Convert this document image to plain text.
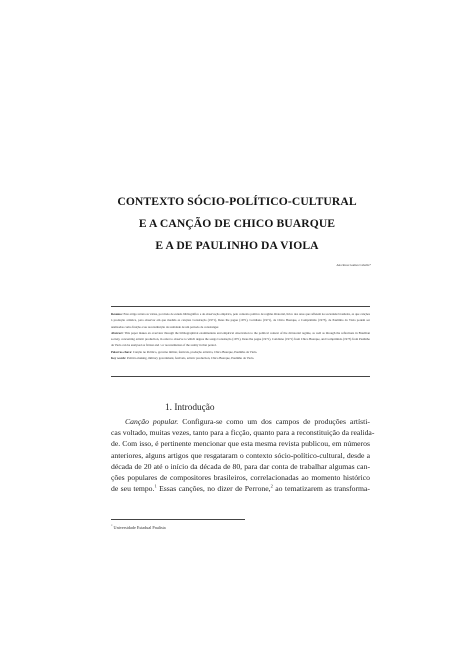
CONTEXTO SÓCIO-POLÍTICO-CULTURAL
E A CANÇÃO DE CHICO BUARQUE
E A DE PAULINHO DA VIOLA
Ana Rosa Gomes Cabello*

Resumo: Este artigo retrata as várias, por meio de estudo bibliográfico e de observação empírica, pelo contexto político de regime ditatorial, lírico dos anos que refletem na sociedade brasileira, as que canções à produção artística, para observar em que medida as canções Construção (1971), Deus lhe pague (1971), Cotidiano (1971), de Chico Buarque, e Comprimido (1973), de Paulinho da Viola podem ser analisadas como fruição e/ou reconstituição da realidade de um período de constranger.

Abstract: This paper makes an overview through the bibliographical examinations and empirical observation to the political context of the dictatorial regime, as well as through the reflections in Brazilian society, concerning artistic production, in order to observe to which degree the songs Construção (1971), Deus lhe pague (1971), Cotidiano (1971) from Chico Buarque, and Comprimido (1973) from Paulinho da Viola can be analysed as fiction and / or reconstitution of the reality in that period.

Palavras-chave: Canção no Político, governo militar, festivais, produção artística, Chico Buarque, Paulinho da Viola.

Key words: Politics-making, military government, festivals, artistic production, Chico Buarque, Paulinho da Viola.

1. Introdução
Canção popular. Configura-se como um dos campos de produções artísti-
cas voltado, muitas vezes, tanto para a ficção, quanto para a reconstituição da realida-
de. Com isso, é pertinente mencionar que esta mesma revista publicou, em números
anteriores, alguns artigos que resgataram o contexto sócio-político-cultural, desde a
década de 20 até o início da década de 80, para dar conta de trabalhar algumas can-
ções populares de compositores brasileiros, correlacionadas ao momento histórico
de seu tempo.$^1$ Essas canções, no dizer de Perrone,$^2$ ao tematizarem as transforma-
* Universidade Estadual Paulista
